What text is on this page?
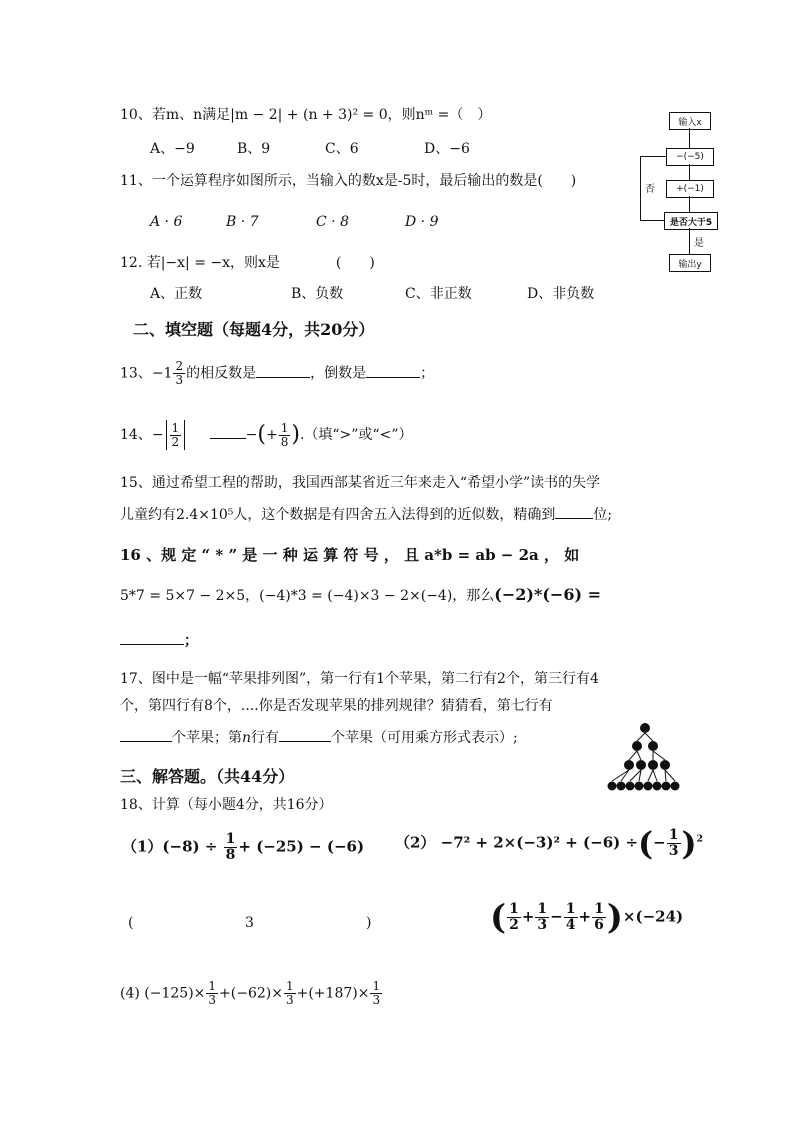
10、若m、n满足|m − 2| + (n + 3)² = 0，则nᵐ =（　）
A、−9	B、9	C、6	D、−6
11、一个运算程序如图所示，当输入的数x是-5时，最后输出的数是(　　)
A · 6	B · 7	C · 8	D · 9
输入x
−(−5)
+(−1)
是否大于5
输出y
否
是
12. 若|−x| = −x，则x是　　　　(　　)
A、正数	B、负数	C、非正数	D、非负数
二、填空题（每题4分，共20分）
13、$-1 \frac{2}{3}$ 的相反数是	，倒数是	；
14、− $\frac{1}{2}$	−(+ $\frac{1}{8}$ ).（填“>”或“<”）
15、通过希望工程的帮助，我国西部某省近三年来走入“希望小学”读书的失学
儿童约有2.4×10⁵人，这个数据是有四舍五入法得到的近似数，精确到	位;
16 、规 定 “ * ” 是 一 种 运 算 符 号 ， 且 a*b = ab − 2a ， 如
5*7 = 5×7 − 2×5，(−4)*3 = (−4)×3 − 2×(−4)，那么(−2)*(−6) =
；
17、图中是一幅“苹果排列图”，第一行有1个苹果，第二行有2个，第三行有4
个，第四行有8个，....你是否发现苹果的排列规律？猜猜看，第七行有
个苹果；第n行有	个苹果（可用乘方形式表示）;
三、解答题。（共44分）
18、计算（每小题4分，共16分）
$(1)(-8) \div \frac{1}{8} + (-25) - (-6)$ （2） −7² + 2×(−3)² + (−6) ÷(− $\frac{1}{3} )^2$
(	3	)	( $\frac{1}{2} + \frac{1}{3} - \frac{1}{4} + \frac{1}{6} )\times(-24)$
(4) $(-125)\times \frac{1}{3} +(-62)\times \frac{1}{3} +(+187)\times \frac{1}{3}$
